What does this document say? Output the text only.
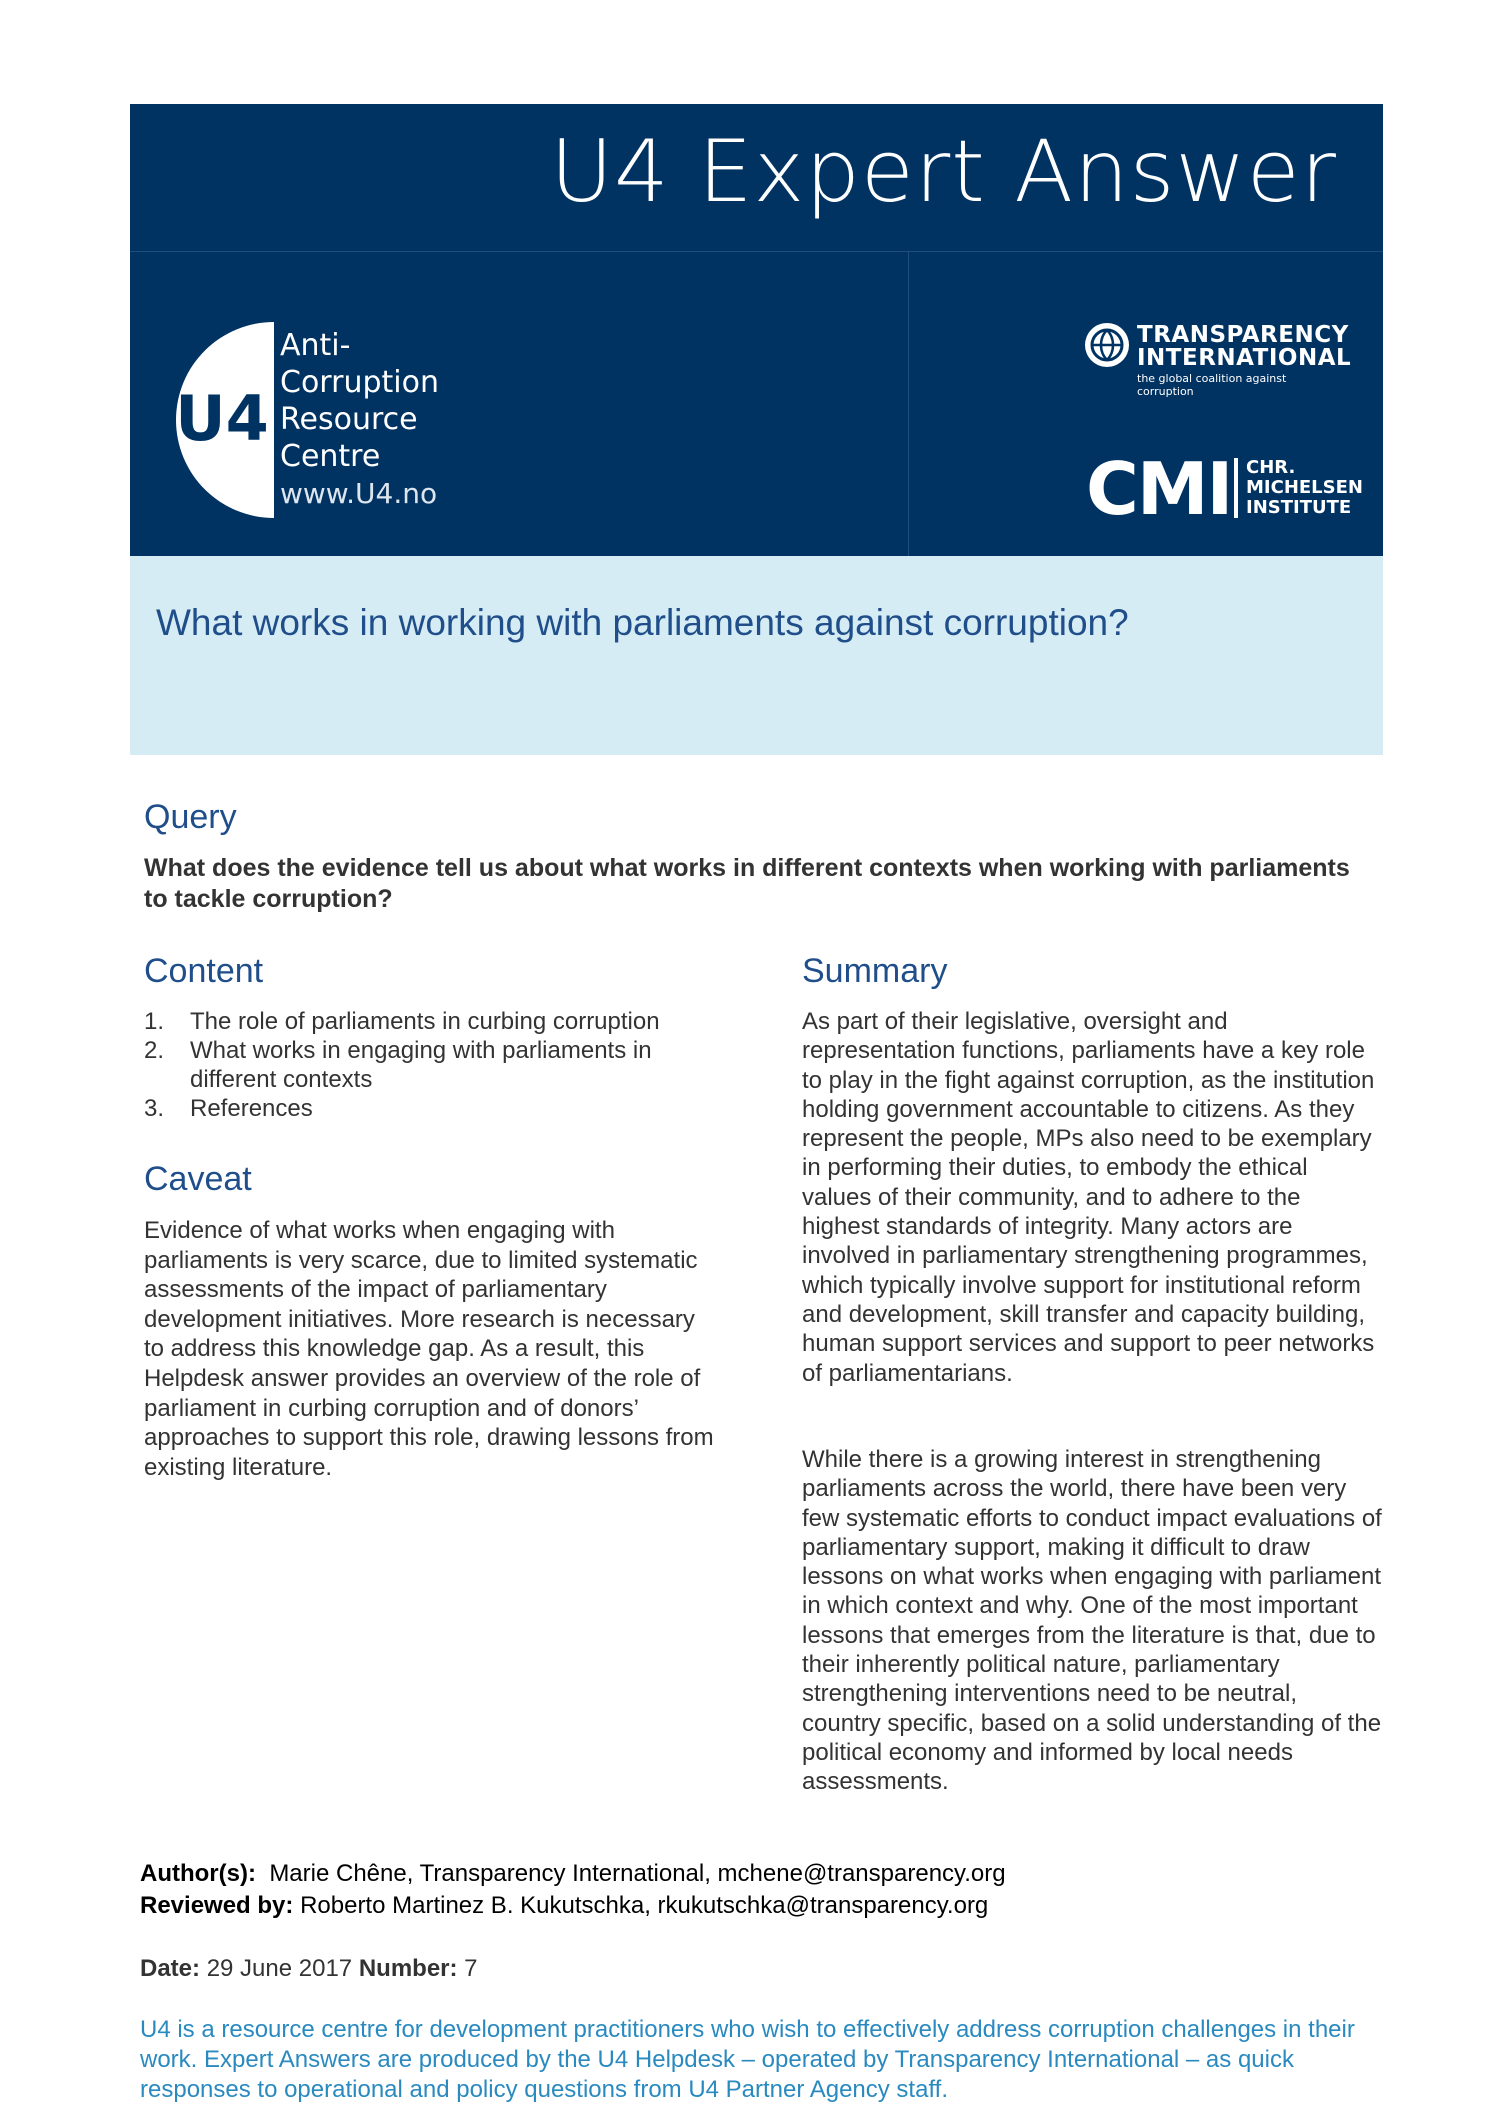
U4 Expert Answer
U4
Anti-
Corruption
Resource
Centre
www.U4.no
TRANSPARENCY
INTERNATIONAL
the global coalition against corruption
CMI CHR.
MICHELSEN
INSTITUTE
What works in working with parliaments against corruption?
Query
What does the evidence tell us about what works in different contexts when working with parliaments to tackle corruption?
Content
1. The role of parliaments in curbing corruption
2. What works in engaging with parliaments in different contexts
3. References
Caveat

Evidence of what works when engaging with parliaments is very scarce, due to limited systematic assessments of the impact of parliamentary development initiatives. More research is necessary to address this knowledge gap. As a result, this Helpdesk answer provides an overview of the role of parliament in curbing corruption and of donors’ approaches to support this role, drawing lessons from existing literature.

Summary

As part of their legislative, oversight and representation functions, parliaments have a key role to play in the fight against corruption, as the institution holding government accountable to citizens. As they represent the people, MPs also need to be exemplary in performing their duties, to embody the ethical values of their community, and to adhere to the highest standards of integrity. Many actors are involved in parliamentary strengthening programmes, which typically involve support for institutional reform and development, skill transfer and capacity building, human support services and support to peer networks of parliamentarians.

While there is a growing interest in strengthening parliaments across the world, there have been very few systematic efforts to conduct impact evaluations of parliamentary support, making it difficult to draw lessons on what works when engaging with parliament in which context and why. One of the most important lessons that emerges from the literature is that, due to their inherently political nature, parliamentary strengthening interventions need to be neutral, country specific, based on a solid understanding of the political economy and informed by local needs assessments.

Author(s): Marie Chêne, Transparency International, mchene@transparency.org
Reviewed by: Roberto Martinez B. Kukutschka, rkukutschka@transparency.org
Date: 29 June 2017 Number: 7

U4 is a resource centre for development practitioners who wish to effectively address corruption challenges in their work. Expert Answers are produced by the U4 Helpdesk – operated by Transparency International – as quick responses to operational and policy questions from U4 Partner Agency staff.
